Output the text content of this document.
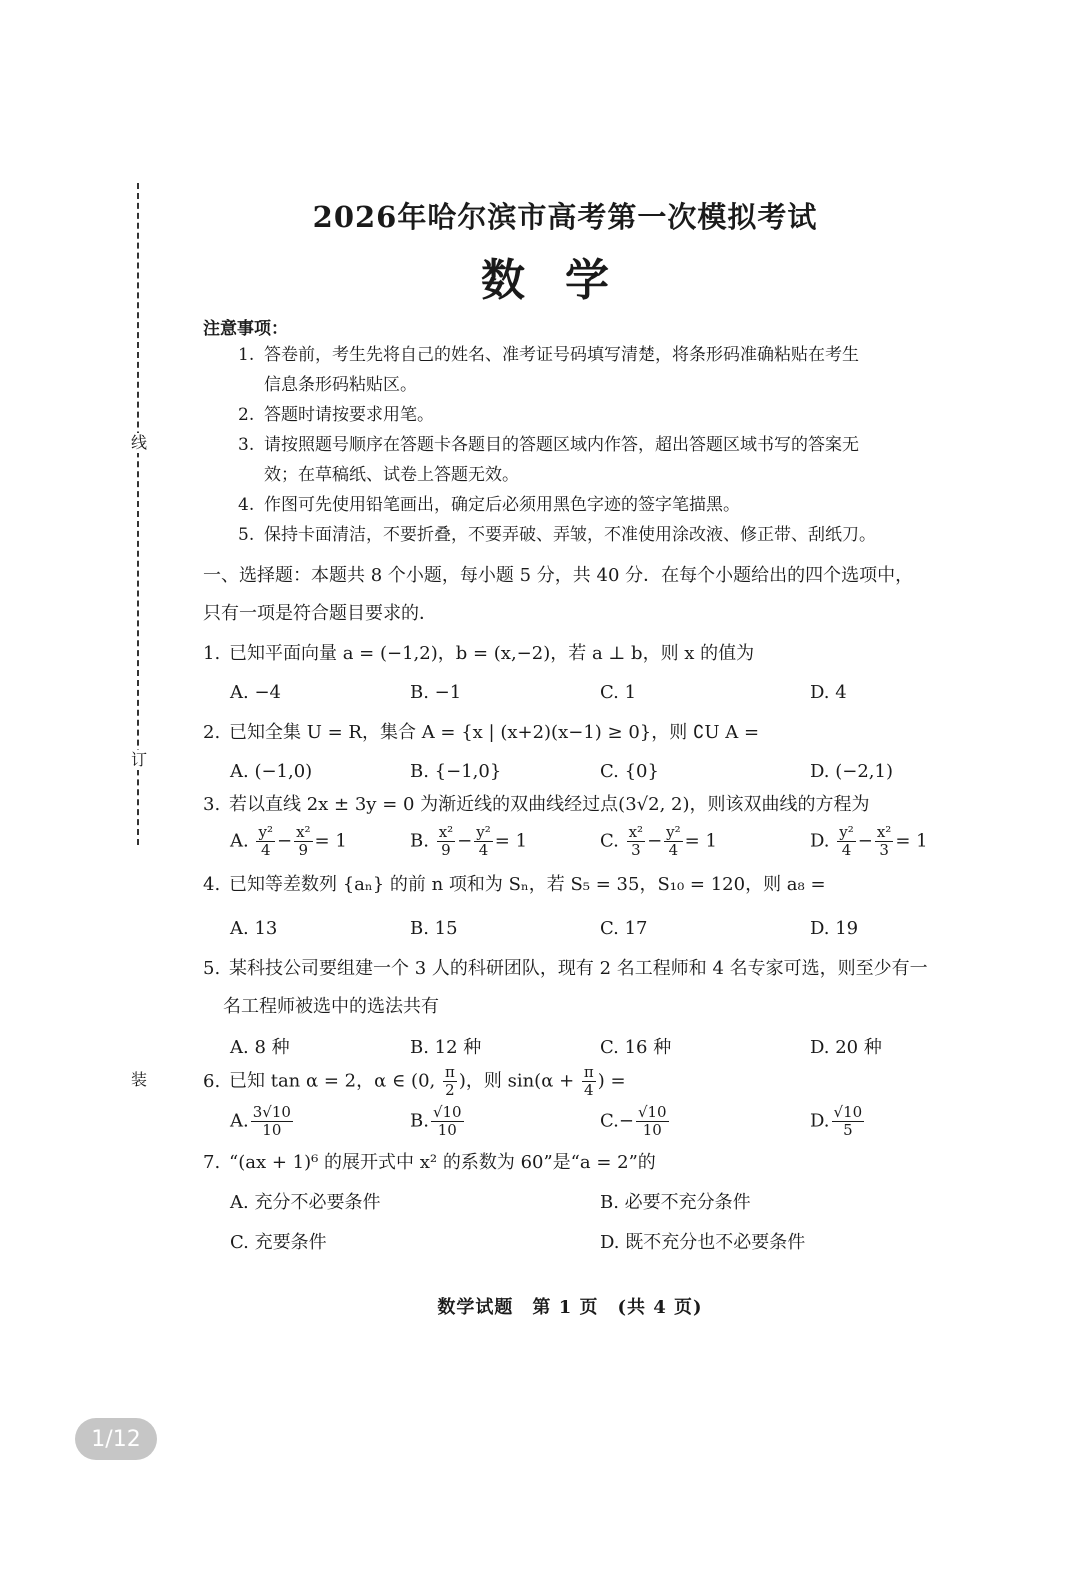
线
订
装
2026年哈尔滨市高考第一次模拟考试
数学
注意事项：
1. 答卷前，考生先将自己的姓名、准考证号码填写清楚，将条形码准确粘贴在考生
信息条形码粘贴区。
2. 答题时请按要求用笔。
3. 请按照题号顺序在答题卡各题目的答题区域内作答，超出答题区域书写的答案无
效；在草稿纸、试卷上答题无效。
4. 作图可先使用铅笔画出，确定后必须用黑色字迹的签字笔描黑。
5. 保持卡面清洁，不要折叠，不要弄破、弄皱，不准使用涂改液、修正带、刮纸刀。
一、选择题：本题共 8 个小题，每小题 5 分，共 40 分．在每个小题给出的四个选项中，
只有一项是符合题目要求的．
1. 已知平面向量 a = (−1,2)，b = (x,−2)，若 a ⊥ b，则 x 的值为
A. −4	B. −1	C. 1	D. 4
2. 已知全集 U = R，集合 A = {x | (x+2)(x−1) ≥ 0}，则 ∁U A =
A. (−1,0)	B. {−1,0}	C. {0}	D. (−2,1)
3. 若以直线 2x ± 3y = 0 为渐近线的双曲线经过点(3√2, 2)，则该双曲线的方程为
A. $\frac{\text{y²}}{4} - \frac{\text{x²}}{9} = 1$	B. $\frac{\text{x²}}{9} - \frac{\text{y²}}{4} = 1$	C. $\frac{\text{x²}}{3} - \frac{\text{y²}}{4} = 1$	D. $\frac{\text{y²}}{4} - \frac{\text{x²}}{3} = 1$
4. 已知等差数列 {aₙ} 的前 n 项和为 Sₙ，若 S₅ = 35，S₁₀ = 120，则 a₈ =
A. 13	B. 15	C. 17	D. 19
5. 某科技公司要组建一个 3 人的科研团队，现有 2 名工程师和 4 名专家可选，则至少有一
名工程师被选中的选法共有
A. 8 种	B. 12 种	C. 16 种	D. 20 种
6. 已知 tan α = 2，α ∈ (0, $\frac{\pi}{2}$ )，则 $\sin(\alpha + \frac{\pi}{4}$ ) =
A. $\frac{3√10}{10}$	B. $\frac{√10}{10}$	$C.- \frac{√10}{10}$	D. $\frac{√10}{5}$
7. “(ax + 1)⁶ 的展开式中 x² 的系数为 60”是“a = 2”的
A. 充分不必要条件	B. 必要不充分条件
C. 充要条件	D. 既不充分也不必要条件
数学试题　第 1 页　(共 4 页)
1/12
